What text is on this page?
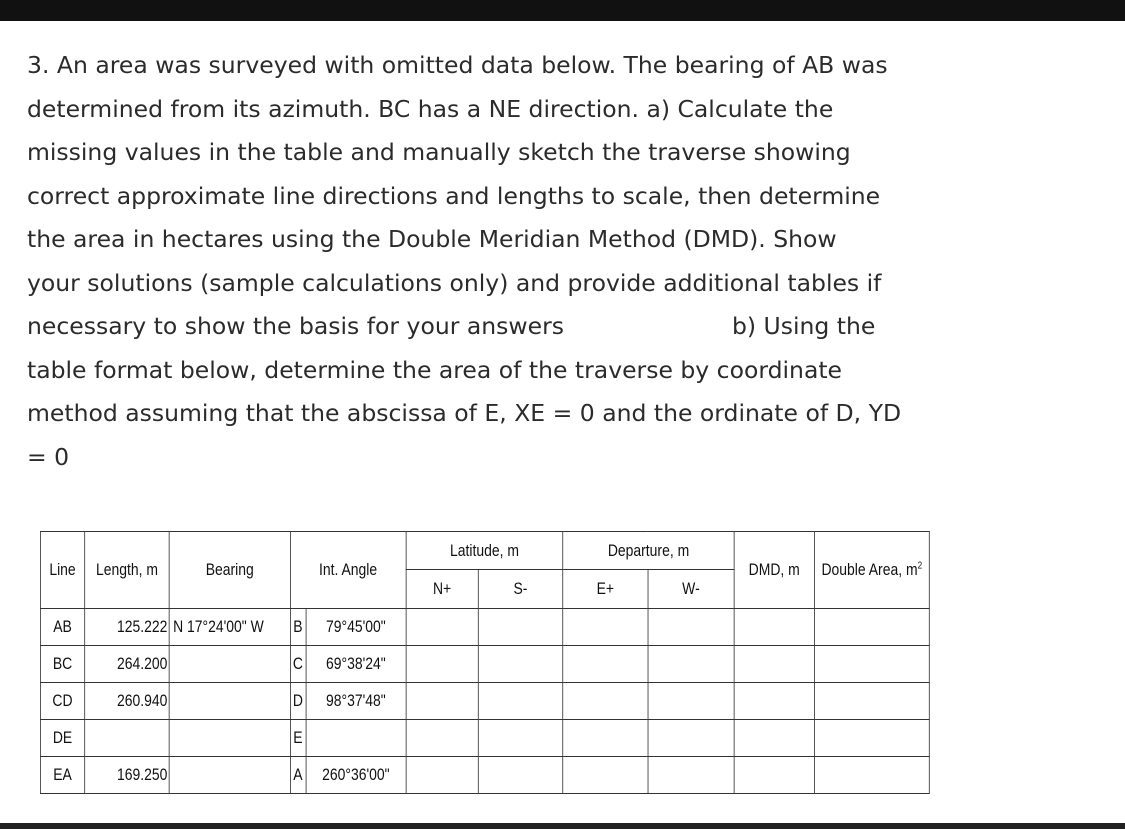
3. An area was surveyed with omitted data below. The bearing of AB was

determined from its azimuth. BC has a NE direction. a) Calculate the

missing values in the table and manually sketch the traverse showing

correct approximate line directions and lengths to scale, then determine

the area in hectares using the Double Meridian Method (DMD). Show

your solutions (sample calculations only) and provide additional tables if

necessary to show the basis for your answers	b) Using the

table format below, determine the area of the traverse by coordinate

method assuming that the abscissa of E, XE = 0 and the ordinate of D, YD

= 0

Line	Length, m	Bearing	Int. Angle	Latitude, m		Departure, m		DMD, m	Double Area, $m^2$
				N+	S-	E+	W-		
AB	125.222	N 17°24'00" W	B 79°45'00"						

BC	264.200		C 69°38'24"						

CD	260.940		D 98°37'48"						

DE			E						

EA	169.250		A 260°36'00"						
